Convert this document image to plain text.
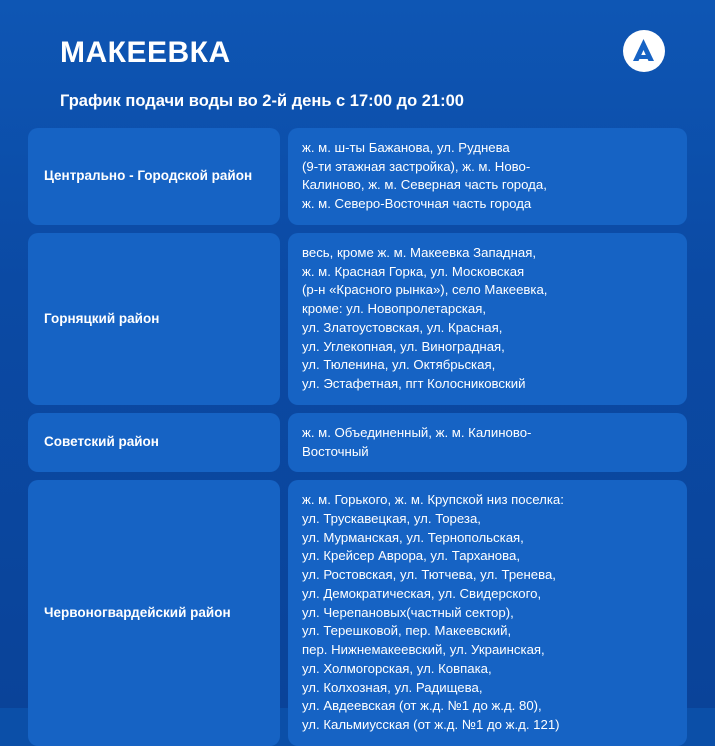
МАКЕЕВКА
График подачи воды во 2-й день с 17:00 до 21:00
Центрально - Городской район
ж. м. ш-ты Бажанова, ул. Руднева
(9-ти этажная застройка), ж. м. Ново-
Калиново, ж. м. Северная часть города,
ж. м. Северо-Восточная часть города
Горняцкий район
весь, кроме ж. м. Макеевка Западная,
ж. м. Красная Горка, ул. Московская
(р-н «Красного рынка»), село Макеевка,
кроме: ул. Новопролетарская,
ул. Златоустовская, ул. Красная,
ул. Углекопная, ул. Виноградная,
ул. Тюленина, ул. Октябрьская,
ул. Эстафетная, пгт Колосниковский
Советский район
ж. м. Объединенный, ж. м. Калиново-
Восточный
Червоногвардейский район
ж. м. Горького, ж. м. Крупской низ поселка:
ул. Трускавецкая, ул. Тореза,
ул. Мурманская, ул. Тернопольская,
ул. Крейсер Аврора, ул. Тарханова,
ул. Ростовская, ул. Тютчева, ул. Тренева,
ул. Демократическая, ул. Свидерского,
ул. Черепановых(частный сектор),
ул. Терешковой, пер. Макеевский,
пер. Нижнемакеевский, ул. Украинская,
ул. Холмогорская, ул. Ковпака,
ул. Колхозная, ул. Радищева,
ул. Авдеевская (от ж.д. №1 до ж.д. 80),
ул. Кальмиусская (от ж.д. №1 до ж.д. 121)
